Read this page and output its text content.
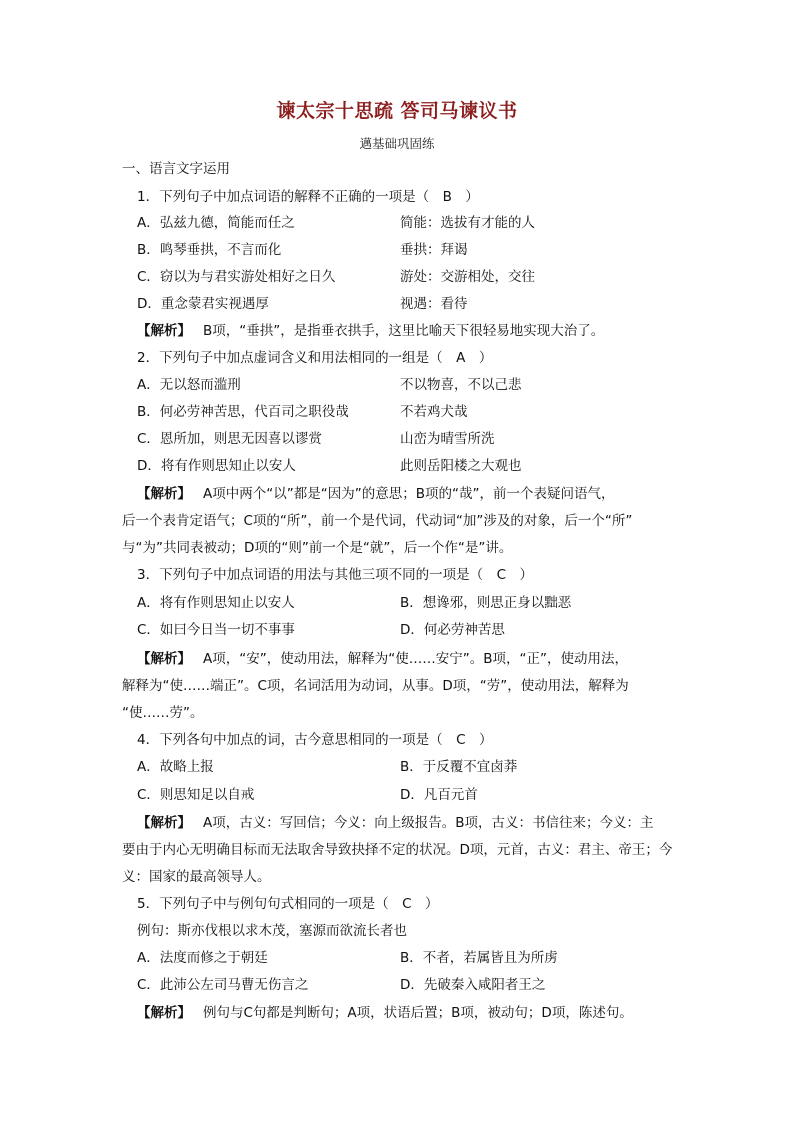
谏太宗十思疏 答司马谏议书
邁基础巩固练
一、语言文字运用
1．下列句子中加点词语的解释不正确的一项是（　B　）
A．弘兹九德，简能而任之	简能：选拔有才能的人
B．鸣琴垂拱，不言而化	垂拱：拜谒
C．窃以为与君实游处相好之日久	游处：交游相处，交往
D．重念蒙君实视遇厚	视遇：看待
【解析】 B项，“垂拱”，是指垂衣拱手，这里比喻天下很轻易地实现大治了。
2．下列句子中加点虚词含义和用法相同的一组是（　A　）
A．无以怒而滥刑	不以物喜，不以己悲
B．何必劳神苦思，代百司之职役哉	不若鸡犬哉
C．恩所加，则思无因喜以谬赏	山峦为晴雪所洗
D．将有作则思知止以安人	此则岳阳楼之大观也
【解析】 A项中两个“以”都是“因为”的意思；B项的“哉”，前一个表疑问语气，
后一个表肯定语气；C项的“所”，前一个是代词，代动词“加”涉及的对象，后一个“所”
与“为”共同表被动；D项的“则”前一个是“就”，后一个作“是”讲。
3．下列句子中加点词语的用法与其他三项不同的一项是（　C　）
A．将有作则思知止以安人	B．想谗邪，则思正身以黜恶
C．如曰今日当一切不事事	D．何必劳神苦思
【解析】 A项，“安”，使动用法，解释为“使……安宁”。B项，“正”，使动用法，
解释为“使……端正”。C项，名词活用为动词，从事。D项，“劳”，使动用法，解释为
“使……劳”。
4．下列各句中加点的词，古今意思相同的一项是（　C　）
A．故略上报	B．于反覆不宜卤莽
C．则思知足以自戒	D．凡百元首
【解析】 A项，古义：写回信；今义：向上级报告。B项，古义：书信往来；今义：主
要由于内心无明确目标而无法取舍导致抉择不定的状况。D项，元首，古义：君主、帝王；今
义：国家的最高领导人。
5．下列句子中与例句句式相同的一项是（　C　）
例句：斯亦伐根以求木茂，塞源而欲流长者也
A．法度而修之于朝廷	B．不者，若属皆且为所虏
C．此沛公左司马曹无伤言之	D．先破秦入咸阳者王之
【解析】 例句与C句都是判断句；A项，状语后置；B项，被动句；D项，陈述句。
